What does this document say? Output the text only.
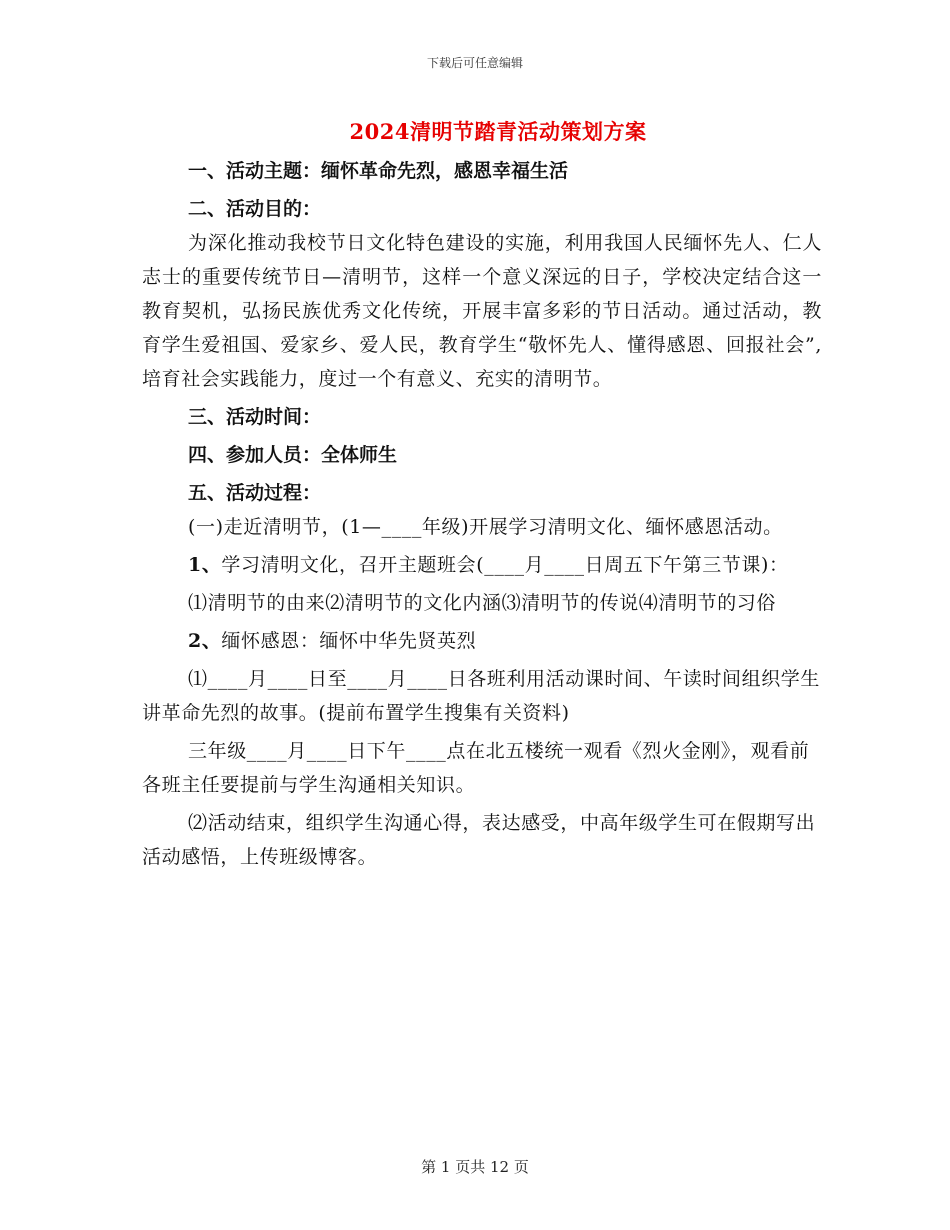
下载后可任意编辑
2024清明节踏青活动策划方案
一、活动主题：缅怀革命先烈，感恩幸福生活
二、活动目的：

为深化推动我校节日文化特色建设的实施，利用我国人民缅怀先人、仁人志士的重要传统节日—清明节，这样一个意义深远的日子，学校决定结合这一教育契机，弘扬民族优秀文化传统，开展丰富多彩的节日活动。通过活动，教育学生爱祖国、爱家乡、爱人民，教育学生“敬怀先人、懂得感恩、回报社会”,培育社会实践能力，度过一个有意义、充实的清明节。

三、活动时间：
四、参加人员：全体师生
五、活动过程：

(一)走近清明节，(1—____年级)开展学习清明文化、缅怀感恩活动。

1、学习清明文化，召开主题班会(____月____日周五下午第三节课)：

⑴清明节的由来⑵清明节的文化内涵⑶清明节的传说⑷清明节的习俗

2、缅怀感恩：缅怀中华先贤英烈

⑴____月____日至____月____日各班利用活动课时间、午读时间组织学生讲革命先烈的故事。(提前布置学生搜集有关资料)

三年级____月____日下午____点在北五楼统一观看《烈火金刚》，观看前各班主任要提前与学生沟通相关知识。

⑵活动结束，组织学生沟通心得，表达感受，中高年级学生可在假期写出活动感悟，上传班级博客。

第 1 页共 12 页
